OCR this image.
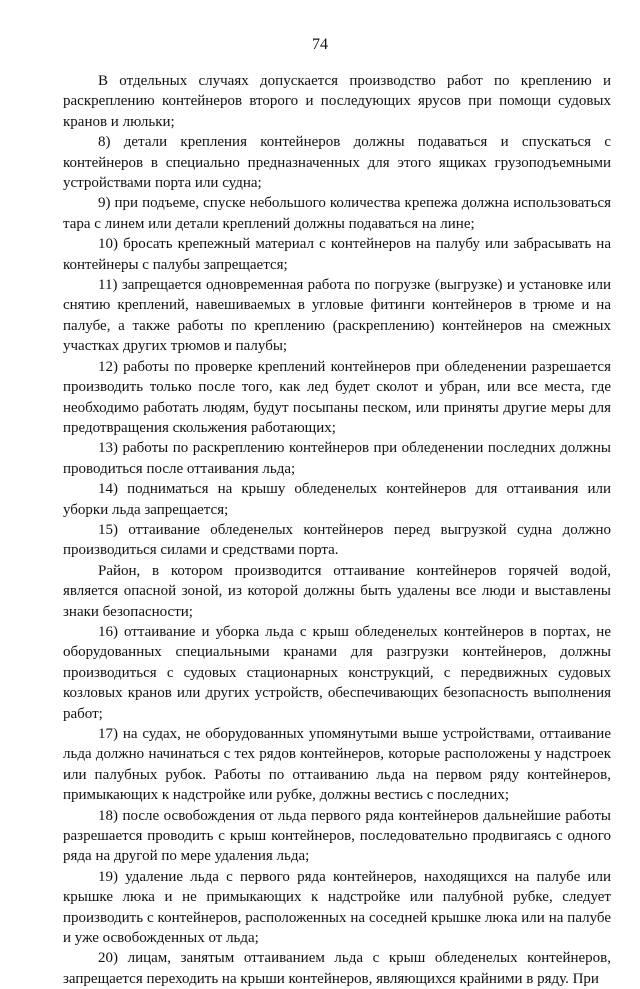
74

В отдельных случаях допускается производство работ по креплению и раскреплению контейнеров второго и последующих ярусов при помощи судовых кранов и люльки;

8) детали крепления контейнеров должны подаваться и спускаться с контейнеров в специально предназначенных для этого ящиках грузоподъемными устройствами порта или судна;

9) при подъеме, спуске небольшого количества крепежа должна использоваться тара с линем или детали креплений должны подаваться на лине;

10) бросать крепежный материал с контейнеров на палубу или забрасывать на контейнеры с палубы запрещается;

11) запрещается одновременная работа по погрузке (выгрузке) и установке или снятию креплений, навешиваемых в угловые фитинги контейнеров в трюме и на палубе, а также работы по креплению (раскреплению) контейнеров на смежных участках других трюмов и палубы;

12) работы по проверке креплений контейнеров при обледенении разрешается производить только после того, как лед будет сколот и убран, или все места, где необходимо работать людям, будут посыпаны песком, или приняты другие меры для предотвращения скольжения работающих;

13) работы по раскреплению контейнеров при обледенении последних должны проводиться после оттаивания льда;

14) подниматься на крышу обледенелых контейнеров для оттаивания или уборки льда запрещается;

15) оттаивание обледенелых контейнеров перед выгрузкой судна должно производиться силами и средствами порта.

Район, в котором производится оттаивание контейнеров горячей водой, является опасной зоной, из которой должны быть удалены все люди и выставлены знаки безопасности;

16) оттаивание и уборка льда с крыш обледенелых контейнеров в портах, не оборудованных специальными кранами для разгрузки контейнеров, должны производиться с судовых стационарных конструкций, с передвижных судовых козловых кранов или других устройств, обеспечивающих безопасность выполнения работ;

17) на судах, не оборудованных упомянутыми выше устройствами, оттаивание льда должно начинаться с тех рядов контейнеров, которые расположены у надстроек или палубных рубок. Работы по оттаиванию льда на первом ряду контейнеров, примыкающих к надстройке или рубке, должны вестись с последних;

18) после освобождения от льда первого ряда контейнеров дальнейшие работы разрешается проводить с крыш контейнеров, последовательно продвигаясь с одного ряда на другой по мере удаления льда;

19) удаление льда с первого ряда контейнеров, находящихся на палубе или крышке люка и не примыкающих к надстройке или палубной рубке, следует производить с контейнеров, расположенных на соседней крышке люка или на палубе и уже освобожденных от льда;

20) лицам, занятым оттаиванием льда с крыш обледенелых контейнеров, запрещается переходить на крыши контейнеров, являющихся крайними в ряду. При
